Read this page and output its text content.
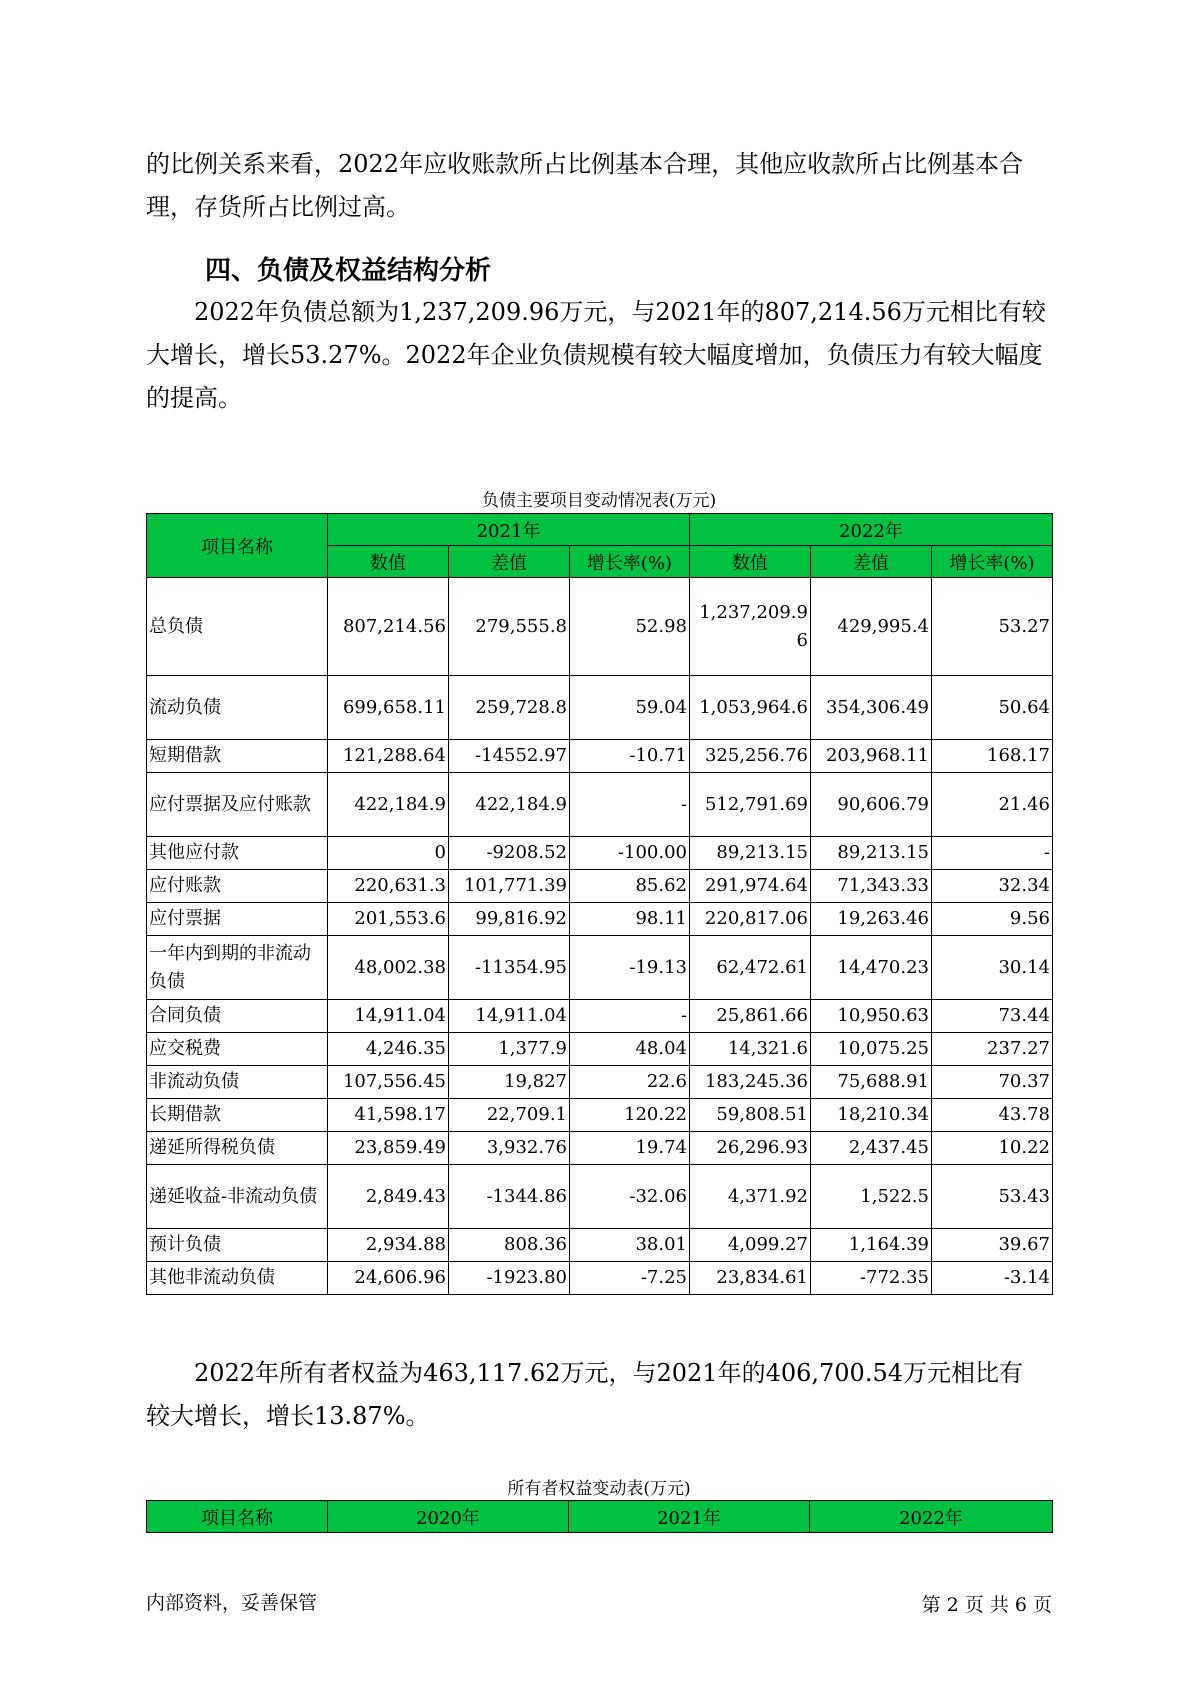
的比例关系来看，2022年应收账款所占比例基本合理，其他应收款所占比例基本合理，存货所占比例过高。

四、负债及权益结构分析

2022年负债总额为1,237,209.96万元，与2021年的807,214.56万元相比有较大增长，增长53.27%。2022年企业负债规模有较大幅度增加，负债压力有较大幅度的提高。

负债主要项目变动情况表(万元)
项目名称	2021年			2022年		
	数值	差值	增长率(%)	数值	差值	增长率(%)
总负债	807,214.56	279,555.8	52.98	1,237,209.96	429,995.4	53.27
流动负债	699,658.11	259,728.8	59.04	1,053,964.6	354,306.49	50.64
短期借款	121,288.64	-14552.97	-10.71	325,256.76	203,968.11	168.17
应付票据及应付账款	422,184.9	422,184.9	-	512,791.69	90,606.79	21.46
其他应付款	0	-9208.52	-100.00	89,213.15	89,213.15	-
应付账款	220,631.3	101,771.39	85.62	291,974.64	71,343.33	32.34
应付票据	201,553.6	99,816.92	98.11	220,817.06	19,263.46	9.56
一年内到期的非流动负债	48,002.38	-11354.95	-19.13	62,472.61	14,470.23	30.14
合同负债	14,911.04	14,911.04	-	25,861.66	10,950.63	73.44
应交税费	4,246.35	1,377.9	48.04	14,321.6	10,075.25	237.27
非流动负债	107,556.45	19,827	22.6	183,245.36	75,688.91	70.37
长期借款	41,598.17	22,709.1	120.22	59,808.51	18,210.34	43.78
递延所得税负债	23,859.49	3,932.76	19.74	26,296.93	2,437.45	10.22
递延收益-非流动负债	2,849.43	-1344.86	-32.06	4,371.92	1,522.5	53.43
预计负债	2,934.88	808.36	38.01	4,099.27	1,164.39	39.67
其他非流动负债	24,606.96	-1923.80	-7.25	23,834.61	-772.35	-3.14

2022年所有者权益为463,117.62万元，与2021年的406,700.54万元相比有较大增长，增长13.87%。

所有者权益变动表(万元)
项目名称	2020年	2021年	2022年
内部资料，妥善保管	第 2 页 共 6 页
